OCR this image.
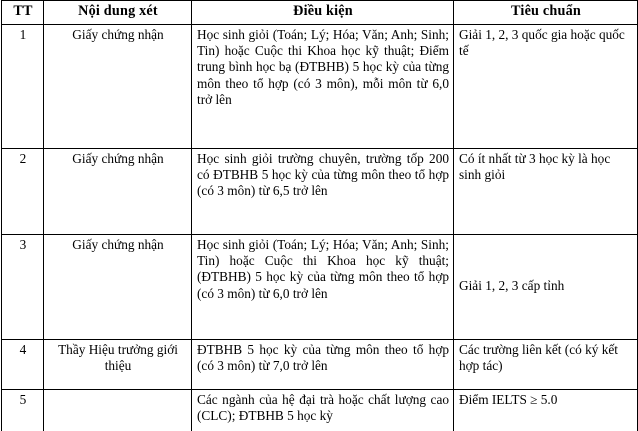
TT	Nội dung xét	Điều kiện	Tiêu chuẩn
1	Giấy chứng nhận	Học sinh giỏi (Toán; Lý; Hóa; Văn; Anh; Sinh; Tin) hoặc Cuộc thi Khoa học kỹ thuật; Điểm trung bình học bạ (ĐTBHB) 5 học kỳ của từng môn theo tổ hợp (có 3 môn), mỗi môn từ 6,0 trở lên	Giải 1, 2, 3 quốc gia hoặc quốc tế
2	Giấy chứng nhận	Học sinh giỏi trường chuyên, trường tốp 200 có ĐTBHB 5 học kỳ của từng môn theo tổ hợp (có 3 môn) từ 6,5 trở lên	Có ít nhất từ 3 học kỳ là học sinh giỏi
3	Giấy chứng nhận	Học sinh giỏi (Toán; Lý; Hóa; Văn; Anh; Sinh; Tin) hoặc Cuộc thi Khoa học kỹ thuật; (ĐTBHB) 5 học kỳ của từng môn theo tổ hợp (có 3 môn) từ 6,0 trở lên	Giải 1, 2, 3 cấp tỉnh
4	Thầy Hiệu trưởng giới thiệu	ĐTBHB 5 học kỳ của từng môn theo tổ hợp (có 3 môn) từ 7,0 trở lên	Các trường liên kết (có ký kết hợp tác)
5		Các ngành của hệ đại trà hoặc chất lượng cao (CLC); ĐTBHB 5 học kỳ	Điểm IELTS ≥ 5.0
